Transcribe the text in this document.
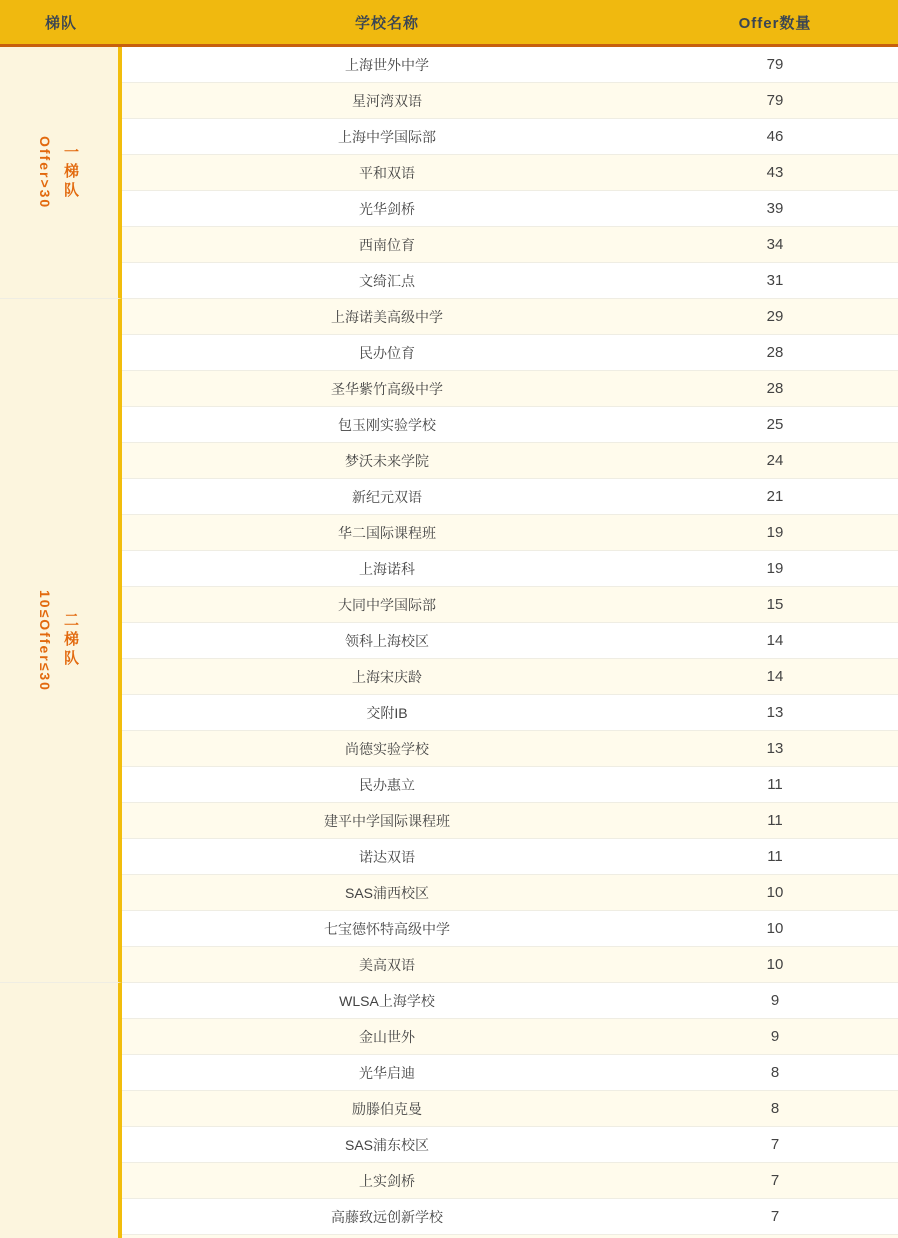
梯队	学校名称	Offer数量
一梯队
Offer>30
上海世外中学	79
星河湾双语	79
上海中学国际部	46
平和双语	43
光华剑桥	39
西南位育	34
文绮汇点	31
二梯队
10≤Offer≤30
上海诺美高级中学	29
民办位育	28
圣华紫竹高级中学	28
包玉刚实验学校	25
梦沃未来学院	24
新纪元双语	21
华二国际课程班	19
上海诺科	19
大同中学国际部	15
领科上海校区	14
上海宋庆龄	14
交附IB	13
尚德实验学校	13
民办惠立	11
建平中学国际课程班	11
诺达双语	11
SAS浦西校区	10
七宝德怀特高级中学	10
美高双语	10
WLSA上海学校	9
金山世外	9
光华启迪	8
励滕伯克曼	8
SAS浦东校区	7
上实剑桥	7
高藤致远创新学校	7
